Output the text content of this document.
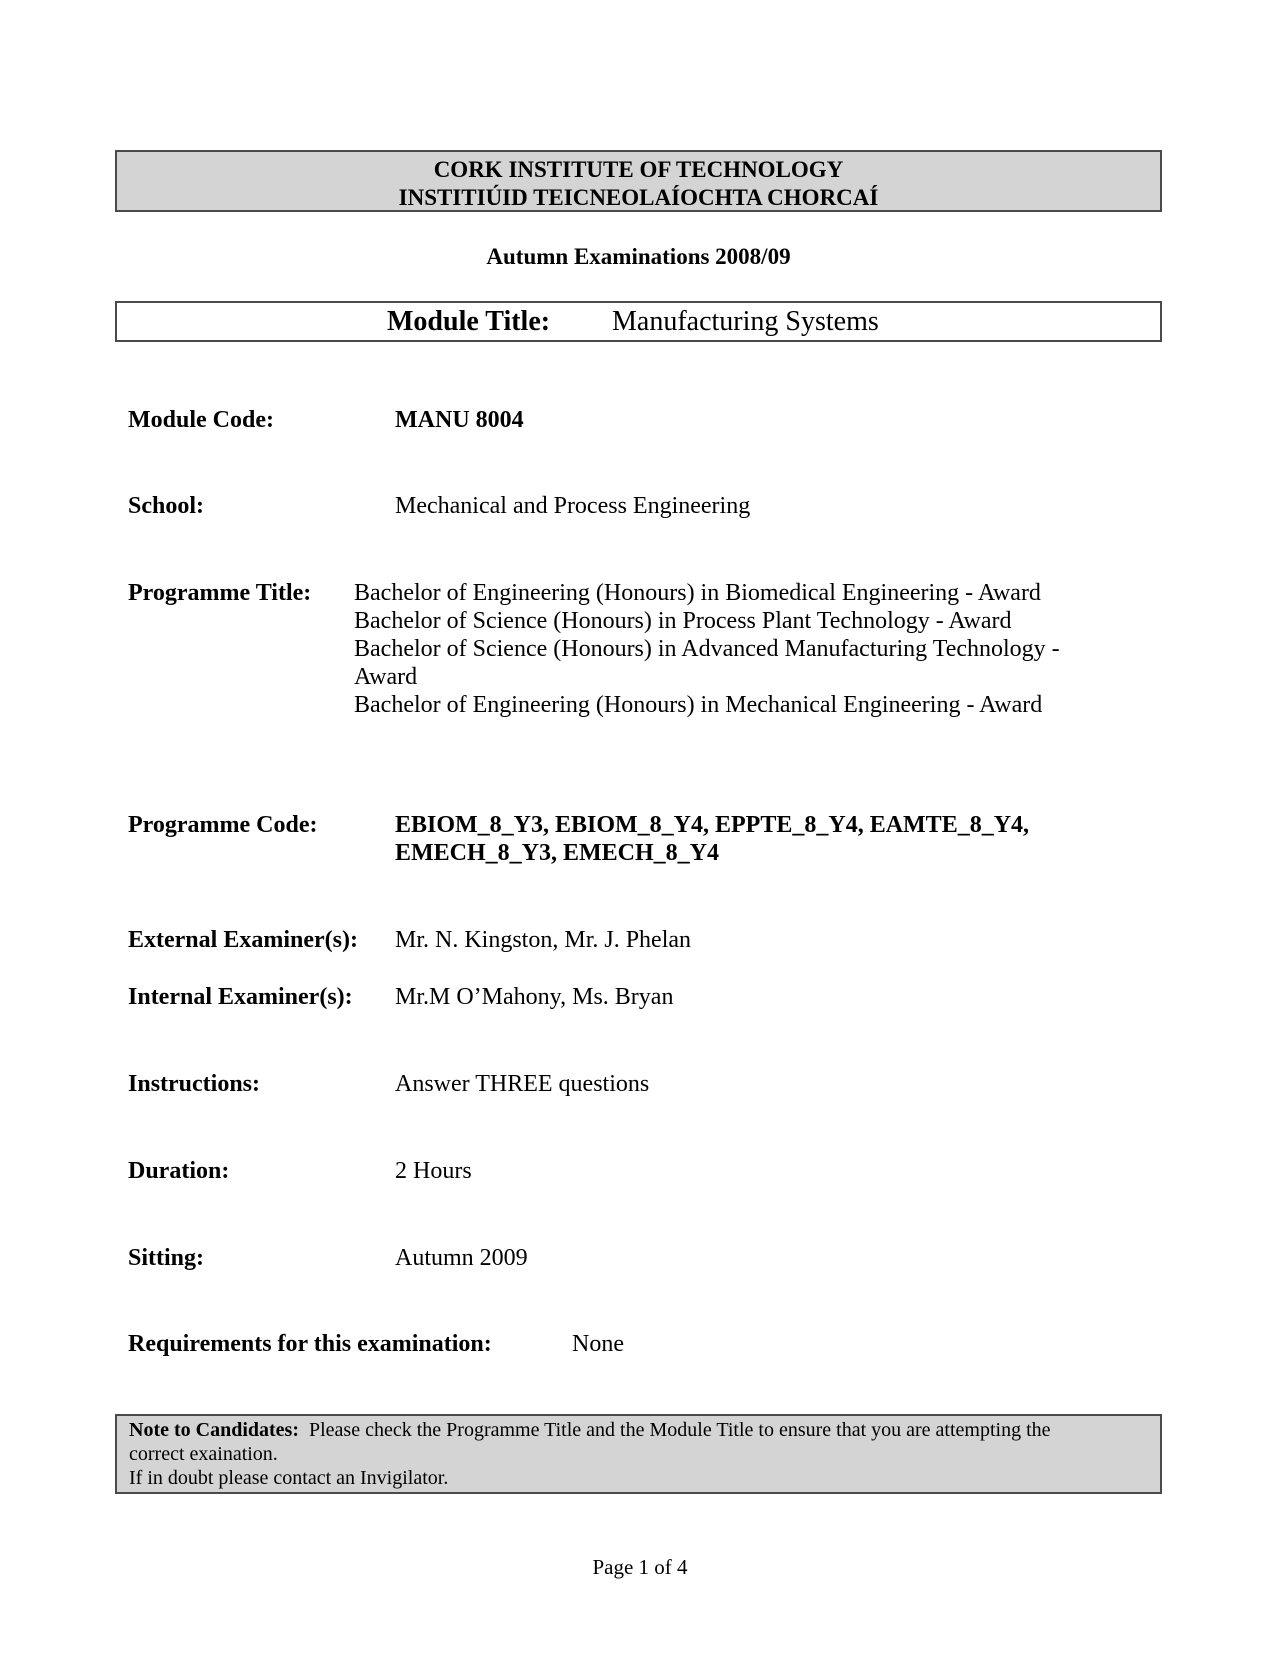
CORK INSTITUTE OF TECHNOLOGY
INSTITIÚID TEICNEOLAÍOCHTA CHORCAÍ
Autumn Examinations 2008/09
Module Title: Manufacturing Systems
Module Code:	MANU 8004
School:	Mechanical and Process Engineering
Programme Title: Bachelor of Engineering (Honours) in Biomedical Engineering - Award
Bachelor of Science (Honours) in Process Plant Technology - Award
Bachelor of Science (Honours) in Advanced Manufacturing Technology -
Award
Bachelor of Engineering (Honours) in Mechanical Engineering - Award
Programme Code:	EBIOM_8_Y3, EBIOM_8_Y4, EPPTE_8_Y4, EAMTE_8_Y4,
EMECH_8_Y3, EMECH_8_Y4
External Examiner(s): Mr. N. Kingston, Mr. J. Phelan
Internal Examiner(s): Mr.M O’Mahony, Ms. Bryan
Instructions:	Answer THREE questions
Duration:	2 Hours
Sitting:	Autumn 2009
Requirements for this examination:	None
Note to Candidates: Please check the Programme Title and the Module Title to ensure that you are attempting the
correct exaination.
If in doubt please contact an Invigilator.
Page 1 of 4
